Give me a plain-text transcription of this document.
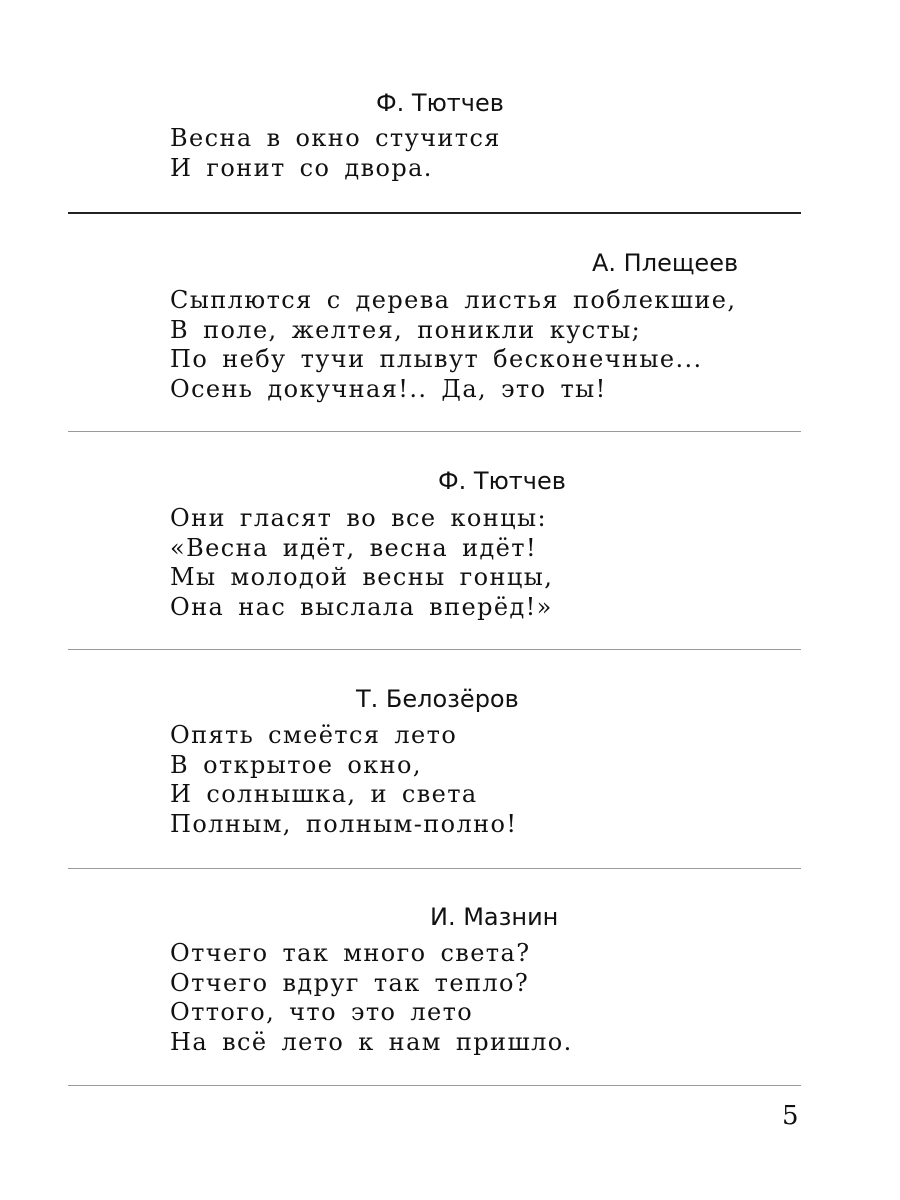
Ф. Тютчев
Весна в окно стучится
И гонит со двора.
А. Плещеев
Сыплются с дерева листья поблекшие,
В поле, желтея, поникли кусты;
По небу тучи плывут бесконечные...
Осень докучная!.. Да, это ты!
Ф. Тютчев
Они гласят во все концы:
«Весна идёт, весна идёт!
Мы молодой весны гонцы,
Она нас выслала вперёд!»
Т. Белозёров
Опять смеётся лето
В открытое окно,
И солнышка, и света
Полным, полным-полно!
И. Мазнин
Отчего так много света?
Отчего вдруг так тепло?
Оттого, что это лето
На всё лето к нам пришло.
5
